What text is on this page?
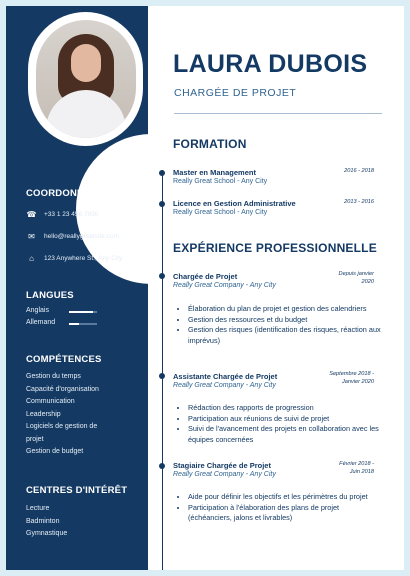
COORDONNÉES
☎ +33 1 23 456 7890
✉	hello@reallygreatsite.com
⌂	123 Anywhere St., Any City
LANGUES
Anglais
Allemand
COMPÉTENCES
Gestion du temps
Capacité d'organisation
Communication
Leadership
Logiciels de gestion de
projet
Gestion de budget
CENTRES D'INTÉRÊT
Lecture
Badminton
Gymnastique
LAURA DUBOIS
CHARGÉE DE PROJET
FORMATION
Master en Management
Really Great School - Any City
2016 - 2018
Licence en Gestion Administrative
Really Great School - Any City
2013 - 2016
EXPÉRIENCE PROFESSIONNELLE
Chargée de Projet
Really Great Company - Any City
Depuis janvier
2020
• Élaboration du plan de projet et gestion des calendriers
• Gestion des ressources et du budget
• Gestion des risques (identification des risques, réaction aux imprévus)
Assistante Chargée de Projet
Really Great Company - Any City
Septembre 2018 -
Janvier 2020
• Rédaction des rapports de progression
• Participation aux réunions de suivi de projet
• Suivi de l'avancement des projets en collaboration avec les équipes concernées
Stagiaire Chargée de Projet
Really Great Company - Any City
Février 2018 -
Juin 2018
• Aide pour définir les objectifs et les périmètres du projet
• Participation à l'élaboration des plans de projet (échéanciers, jalons et livrables)
